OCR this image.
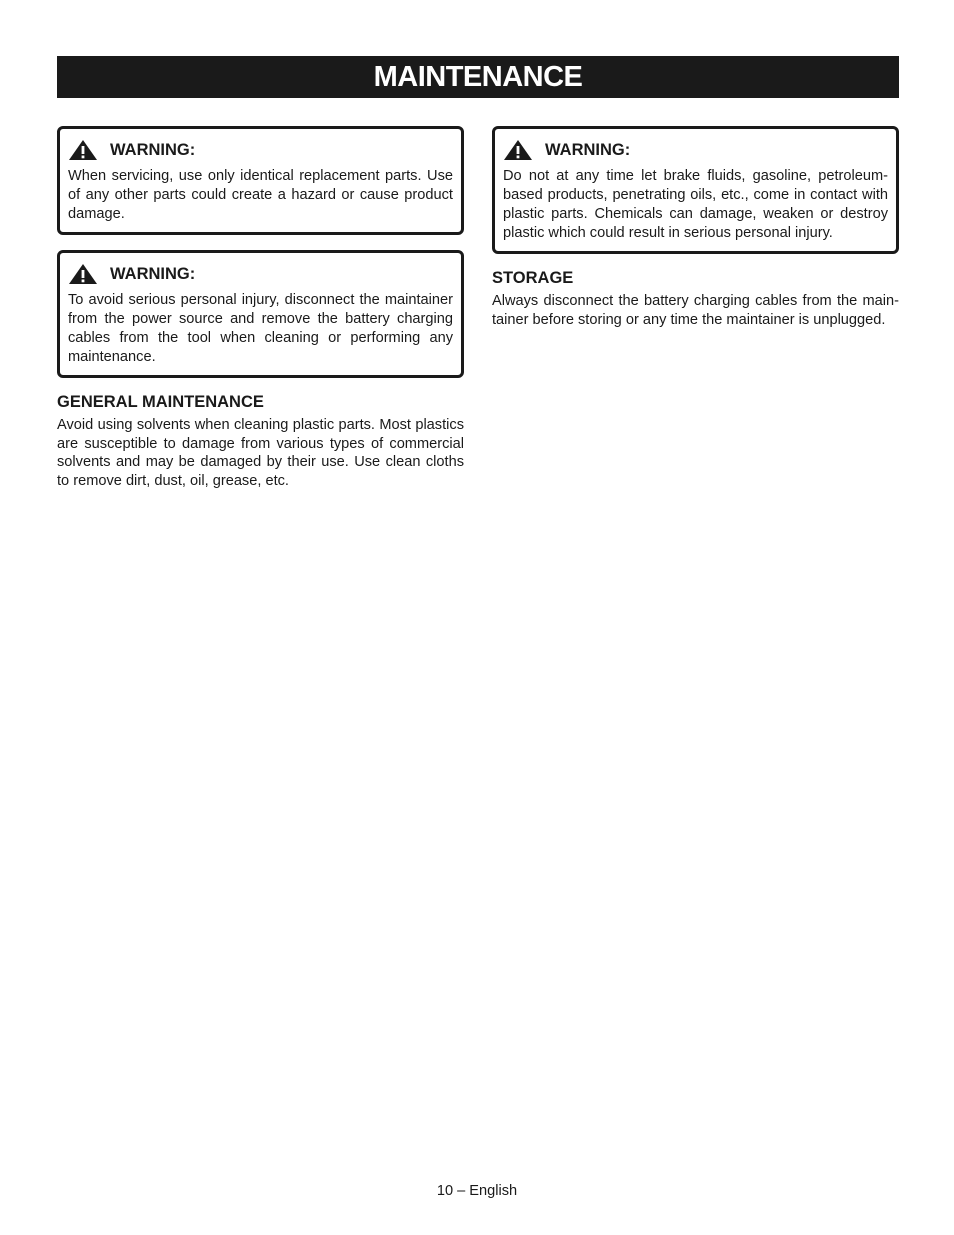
MAINTENANCE
WARNING:
When servicing, use only identical replacement parts. Use of any other parts could create a hazard or cause product damage.
WARNING:
To avoid serious personal injury, disconnect the maintainer from the power source and remove the battery charging cables from the tool when cleaning or performing any maintenance.
GENERAL MAINTENANCE
Avoid using solvents when cleaning plastic parts. Most plastics are susceptible to damage from various types of commercial solvents and may be damaged by their use. Use clean cloths to remove dirt, dust, oil, grease, etc.
WARNING:
Do not at any time let brake fluids, gasoline, petroleum-based products, penetrating oils, etc., come in contact with plastic parts. Chemicals can damage, weaken or destroy plastic which could result in serious personal injury.
STORAGE
Always disconnect the battery charging cables from the maintainer before storing or any time the maintainer is unplugged.
10 – English
